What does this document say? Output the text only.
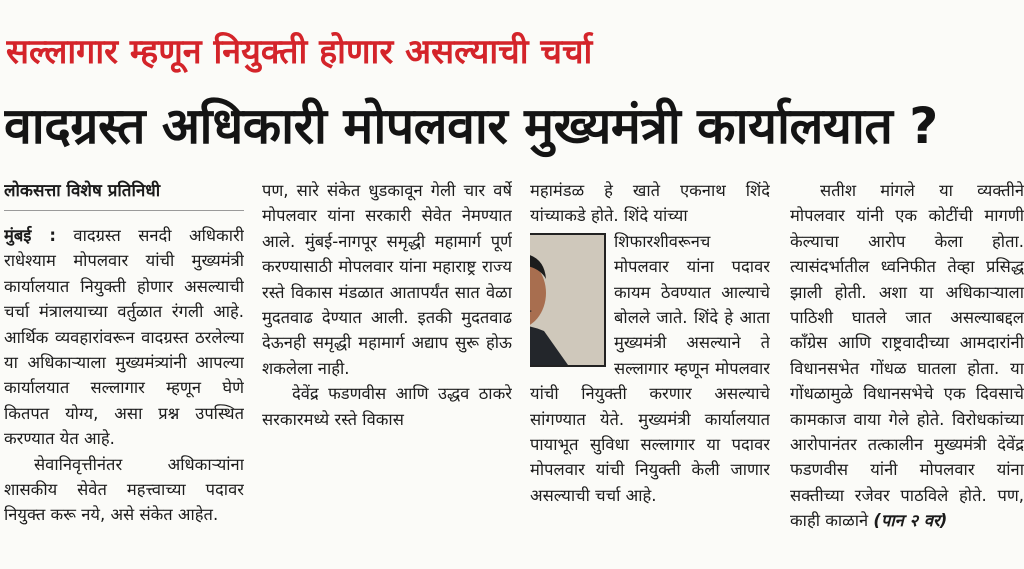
सल्लागार म्हणून नियुक्ती होणार असल्याची चर्चा
वादग्रस्त अधिकारी मोपलवार मुख्यमंत्री कार्यालयात ?

लोकसत्ता विशेष प्रतिनिधी

मुंबई : वादग्रस्त सनदी अधिकारी राधेश्याम मोपलवार यांची मुख्यमंत्री कार्यालयात नियुक्ती होणार असल्याची चर्चा मंत्रालयाच्या वर्तुळात रंगली आहे. आर्थिक व्यवहारांवरून वादग्रस्त ठरलेल्या या अधिकाऱ्याला मुख्यमंत्र्यांनी आपल्या कार्यालयात सल्लागार म्हणून घेणे कितपत योग्य, असा प्रश्न उपस्थित करण्यात येत आहे.

सेवानिवृत्तीनंतर अधिकाऱ्यांना शासकीय सेवेत महत्त्वाच्या पदावर नियुक्त करू नये, असे संकेत आहेत.

पण, सारे संकेत धुडकावून गेली चार वर्षे मोपलवार यांना सरकारी सेवेत नेमण्यात आले. मुंबई-नागपूर समृद्धी महामार्ग पूर्ण करण्यासाठी मोपलवार यांना महाराष्ट्र राज्य रस्ते विकास मंडळात आतापर्यंत सात वेळा मुदतवाढ देण्यात आली. इतकी मुदतवाढ देऊनही समृद्धी महामार्ग अद्याप सुरू होऊ शकलेला नाही.

देवेंद्र फडणवीस आणि उद्धव ठाकरे सरकारमध्ये रस्ते विकास

महामंडळ हे खाते एकनाथ शिंदे यांच्याकडे होते. शिंदे यांच्या

शिफारशीवरूनच मोपलवार यांना पदावर कायम ठेवण्यात आल्याचे बोलले जाते. शिंदे हे आता मुख्यमंत्री असल्याने ते सल्लागार म्हणून मोपलवार यांची नियुक्ती करणार असल्याचे सांगण्यात येते. मुख्यमंत्री कार्यालयात पायाभूत सुविधा सल्लागार या पदावर मोपलवार यांची नियुक्ती केली जाणार असल्याची चर्चा आहे.

सतीश मांगले या व्यक्तीने मोपलवार यांनी एक कोटींची मागणी केल्याचा आरोप केला होता. त्यासंदर्भातील ध्वनिफीत तेव्हा प्रसिद्ध झाली होती. अशा या अधिकाऱ्याला पाठिशी घातले जात असल्याबद्दल काँग्रेस आणि राष्ट्रवादीच्या आमदारांनी विधानसभेत गोंधळ घातला होता. या गोंधळामुळे विधानसभेचे एक दिवसाचे कामकाज वाया गेले होते. विरोधकांच्या आरोपानंतर तत्कालीन मुख्यमंत्री देवेंद्र फडणवीस यांनी मोपलवार यांना सक्तीच्या रजेवर पाठविले होते. पण, काही काळाने (पान २ वर)
